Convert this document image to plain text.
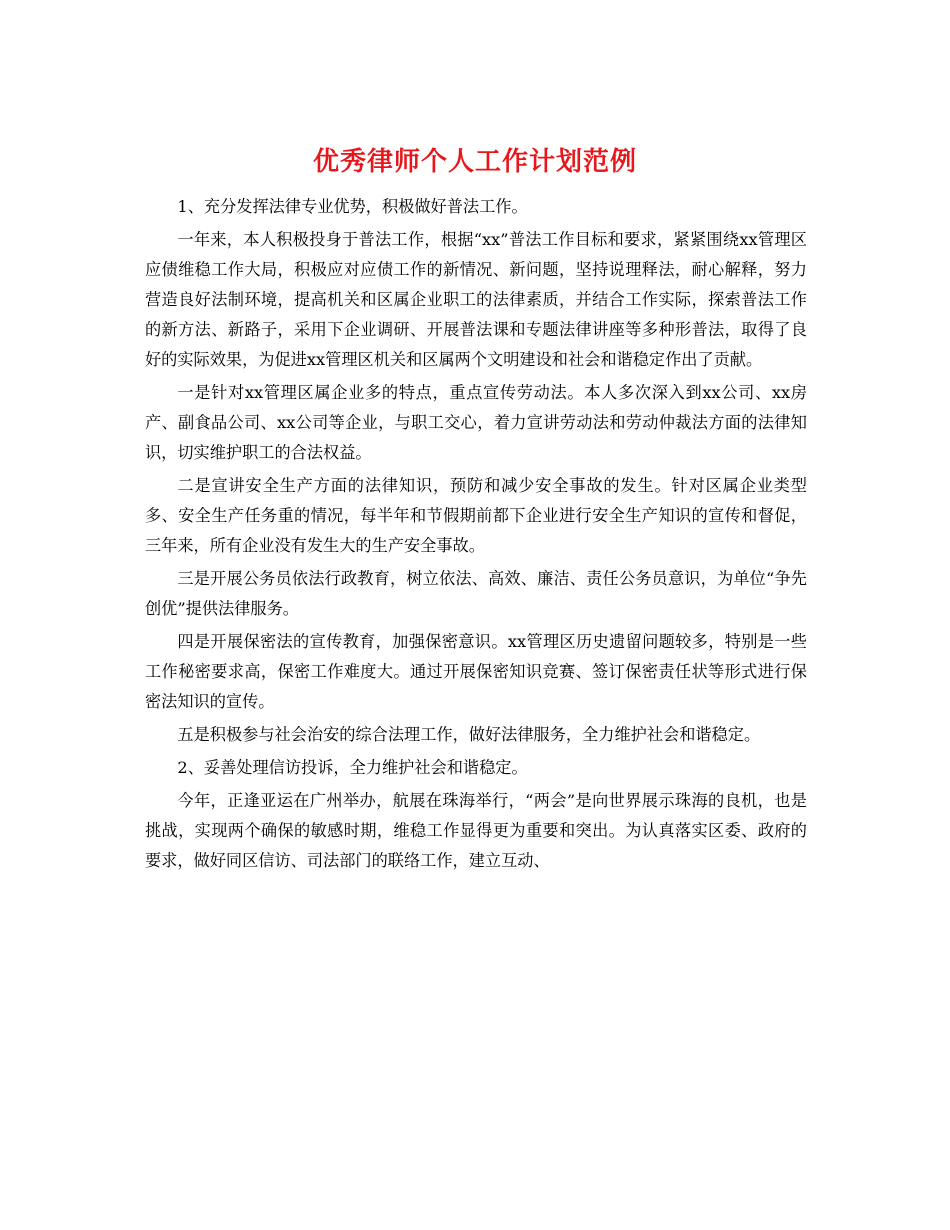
优秀律师个人工作计划范例

1、充分发挥法律专业优势，积极做好普法工作。

一年来，本人积极投身于普法工作，根据“xx”普法工作目标和要求，紧紧围绕xx管理区应债维稳工作大局，积极应对应债工作的新情况、新问题，坚持说理释法，耐心解释，努力营造良好法制环境，提高机关和区属企业职工的法律素质，并结合工作实际，探索普法工作的新方法、新路子，采用下企业调研、开展普法课和专题法律讲座等多种形普法，取得了良好的实际效果，为促进xx管理区机关和区属两个文明建设和社会和谐稳定作出了贡献。

一是针对xx管理区属企业多的特点，重点宣传劳动法。本人多次深入到xx公司、xx房产、副食品公司、xx公司等企业，与职工交心，着力宣讲劳动法和劳动仲裁法方面的法律知识，切实维护职工的合法权益。

二是宣讲安全生产方面的法律知识，预防和减少安全事故的发生。针对区属企业类型多、安全生产任务重的情况，每半年和节假期前都下企业进行安全生产知识的宣传和督促，三年来，所有企业没有发生大的生产安全事故。

三是开展公务员依法行政教育，树立依法、高效、廉洁、责任公务员意识，为单位“争先创优”提供法律服务。

四是开展保密法的宣传教育，加强保密意识。xx管理区历史遗留问题较多，特别是一些工作秘密要求高，保密工作难度大。通过开展保密知识竞赛、签订保密责任状等形式进行保密法知识的宣传。

五是积极参与社会治安的综合法理工作，做好法律服务，全力维护社会和谐稳定。

2、妥善处理信访投诉，全力维护社会和谐稳定。

今年，正逢亚运在广州举办，航展在珠海举行，“两会”是向世界展示珠海的良机，也是挑战，实现两个确保的敏感时期，维稳工作显得更为重要和突出。为认真落实区委、政府的要求，做好同区信访、司法部门的联络工作，建立互动、
